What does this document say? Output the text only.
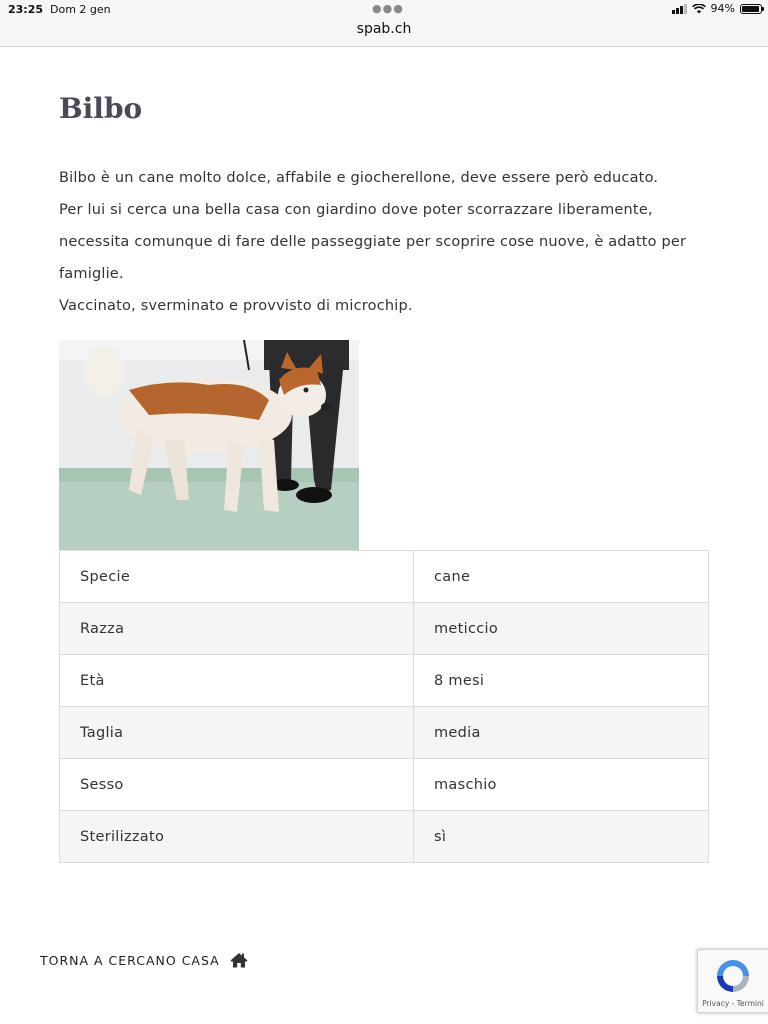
23:25 Dom 2 gen	●●●
spab.ch
94%
Bilbo

Bilbo è un cane molto dolce, affabile e giocherellone, deve essere però educato.

Per lui si cerca una bella casa con giardino dove poter scorrazzare liberamente, necessita comunque di fare delle passeggiate per scoprire cose nuove, è adatto per famiglie.

Vaccinato, sverminato e provvisto di microchip.

Specie	cane
Razza	meticcio
Età	8 mesi
Taglia	media
Sesso	maschio
Sterilizzato	sì
TORNA A CERCANO CASA
Privacy - Termini
